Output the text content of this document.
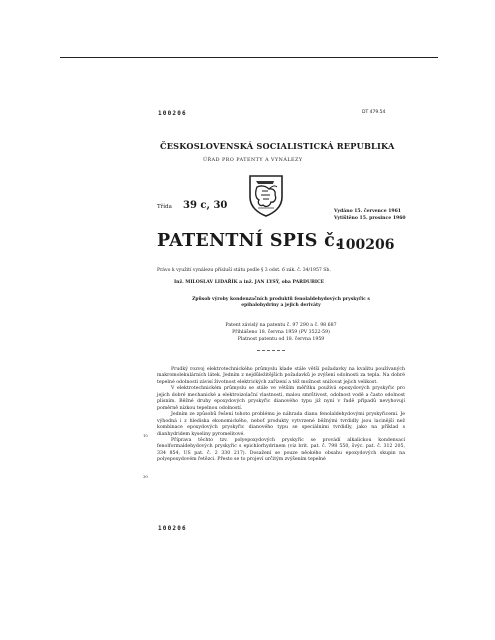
100206	DT 479.54
ČESKOSLOVENSKÁ SOCIALISTICKÁ REPUBLIKA
ÚŘAD PRO PATENTY A VYNÁLEZY
Třída 39 c, 30
Vydáno 15. července 1961
Vytištěno 15. prosince 1960
PATENTNÍ SPIS č.
100206
Právo k využití vynálezu přísluší státu podle § 3 odst. 6 zák. č. 34/1957 Sb.
Inž. MILOSLAV LIDAŘÍK a inž. JAN LYSÝ, oba PARDUBICE
Způsob výroby kondenzačních produktů fenolaldehydových pryskyřic s epihalohydriny a jejich deriváty
Patent závislý na patentu č. 97 290 a č. 98 687
Přihlášeno 18. června 1959 (PV 3522-59)
Platnost patentu od 18. června 1959

Prudký rozvoj elektrotechnického průmyslu klade stále větší požadavky na kvalitu používaných makromolekulárních látek. Jedním z nejdůležitějších požadavků je zvýšení odolnosti za tepla. Na dobré tepelné odolnosti závisí životnost elektrických zařízení a též možnost snižovat jejich velikost.

V elektrotechnickém průmyslu se stále ve větším měřítku používá epoxydových pryskyřic pro jejich dobré mechanické a elektroizolační vlastnosti, malou smrštivost, odolnost vodě a často odolnost plísním. Běžné druhy epoxydových pryskyřic dianového typu již nyní v řadě případů nevyhovují poměrně nízkou tepelnou odolností.

Jedním ze způsobů řešení tohoto problému je náhrada dianu fenolaldehydovými pryskyřicemi. Je výhodná i z hlediska ekonomického, neboť produkty vytvrzené běžnými tvrdidly jsou lacinější než kombinace epoxydových pryskyřic dianového typu se speciálními tvrdidly, jako na příklad s dianhydridem kyseliny pyromelitové.

Příprava těchto tzv. polyepoxydových pryskyřic se provádí alkalickou kondensací fenolformaldehydových pryskyřic s epichlorhydrinem (viz brit. pat. č. 798 550, švýc. pat. č. 312 205, 334 854, US pat. č. 2 330 217). Dosažení se pouze něokého obsahu epoxydových skupin na polyepoxydovém řetězci. Přesto se to projeví určitým zvýšením tepelné

10
30
100206
